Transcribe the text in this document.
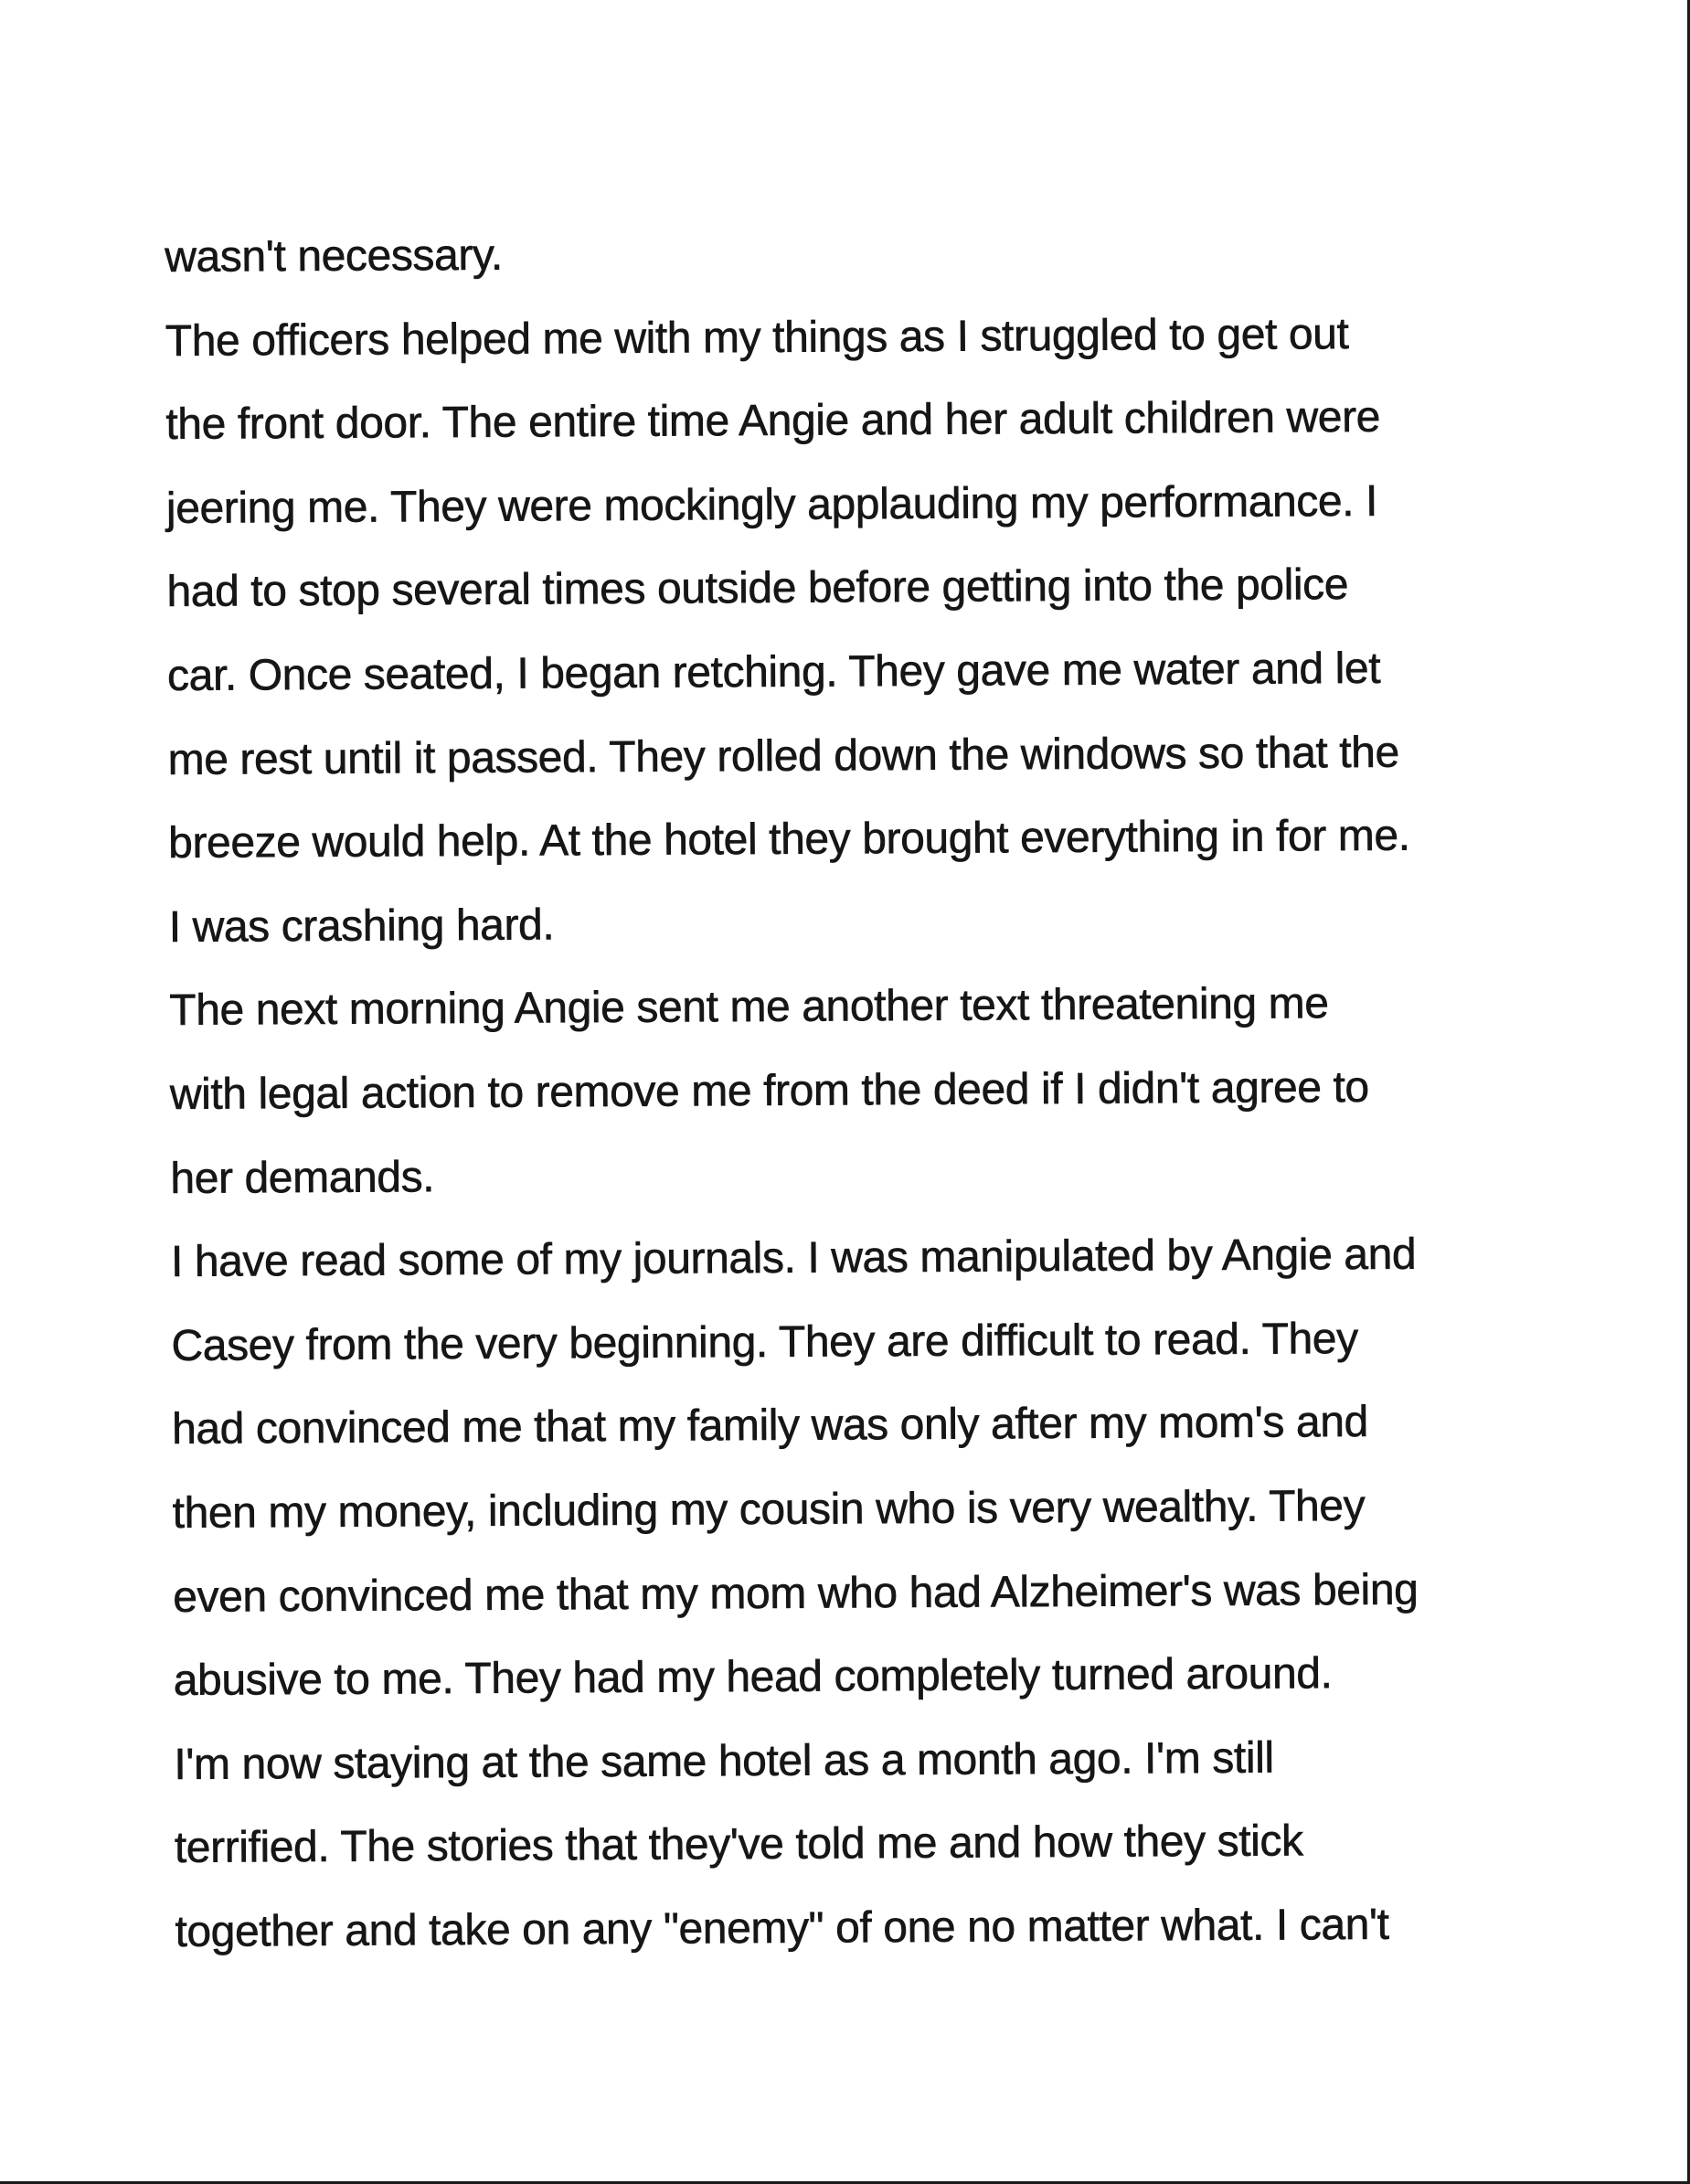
wasn't necessary.
The officers helped me with my things as I struggled to get out
the front door. The entire time Angie and her adult children were
jeering me. They were mockingly applauding my performance. I
had to stop several times outside before getting into the police
car. Once seated, I began retching. They gave me water and let
me rest until it passed. They rolled down the windows so that the
breeze would help. At the hotel they brought everything in for me.
I was crashing hard.
The next morning Angie sent me another text threatening me
with legal action to remove me from the deed if I didn't agree to
her demands.
I have read some of my journals. I was manipulated by Angie and
Casey from the very beginning. They are difficult to read. They
had convinced me that my family was only after my mom's and
then my money, including my cousin who is very wealthy. They
even convinced me that my mom who had Alzheimer's was being
abusive to me. They had my head completely turned around.
I'm now staying at the same hotel as a month ago. I'm still
terrified. The stories that they've told me and how they stick
together and take on any "enemy" of one no matter what. I can't
